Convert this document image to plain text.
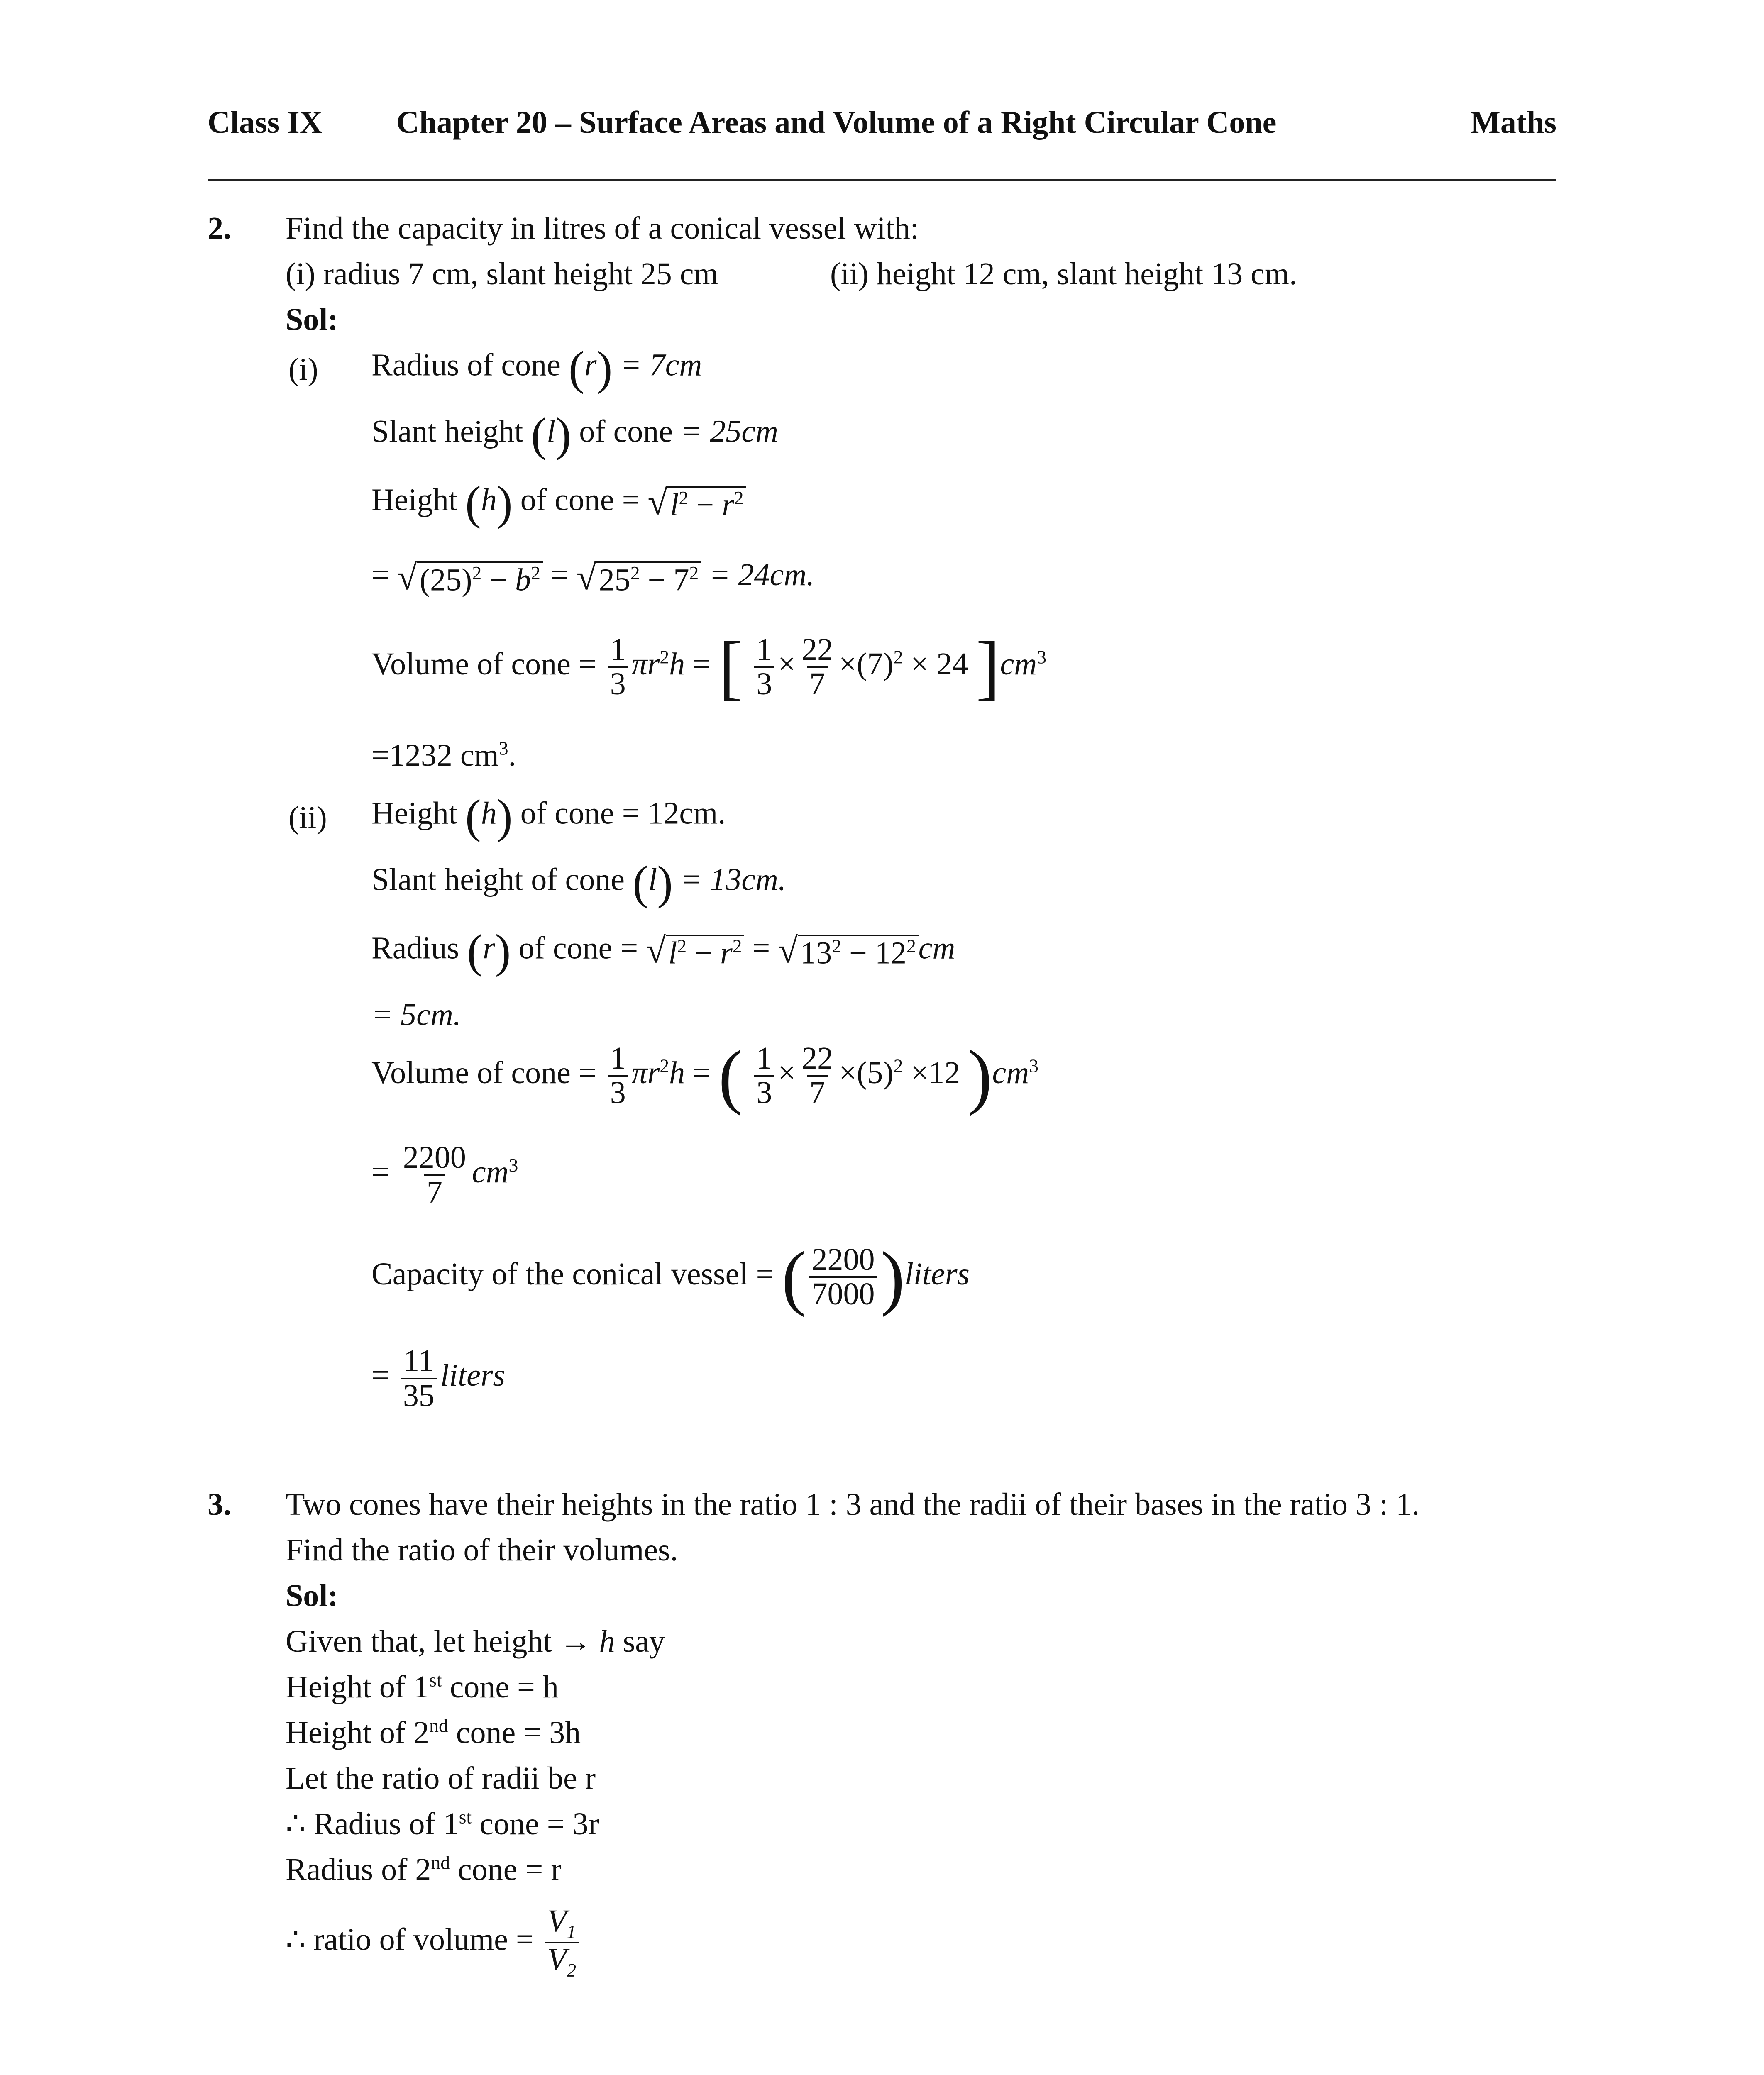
Class IX Chapter 20 – Surface Areas and Volume of a Right Circular Cone	Maths
2. Find the capacity in litres of a conical vessel with:
(i) radius 7 cm, slant height 25 cm	(ii) height 12 cm, slant height 13 cm.
Sol:
(i) Radius of cone (r) = 7cm
Slant height (l) of cone = 25cm
Height (h) of cone = √ $l^2 - r^2$
= √ $(25)^2 - b^2$ = √ $25^2 - 7^2 = 24cm$.
Volume of cone = $\frac{1}{3} \pi r^2h$ = [ $\frac{1}{3} \times \frac{22}{7} \times(7)^2 \times 24$ ]$cm^3$
=1232 $cm^3$.
(ii) Height (h) of cone = 12cm.
Slant height of cone (l) = 13cm.
Radius (r) of cone = √ $l^2 - r^2$ = √ $13^2 - 12^2$ cm
= 5cm.
Volume of cone = $\frac{1}{3} \pi r^2h$ = ( $\frac{1}{3} \times \frac{22}{7} \times(5)^2 \times 12$ )$cm^3$
= $\frac{2200}{7} cm^3$
Capacity of the conical vessel = ( $\frac{2200}{7000}$ )liters
= $\frac{11}{35}$ liters
3. Two cones have their heights in the ratio 1 : 3 and the radii of their bases in the ratio 3 : 1.
Find the ratio of their volumes.
Sol:
Given that, let height → h say
Height of 1st cone = h
Height of 2nd cone = 3h
Let the ratio of radii be r
∴ Radius of 1st cone = 3r
Radius of 2nd cone = r
∴ ratio of volume = $\frac{V_1}{V_2}$
